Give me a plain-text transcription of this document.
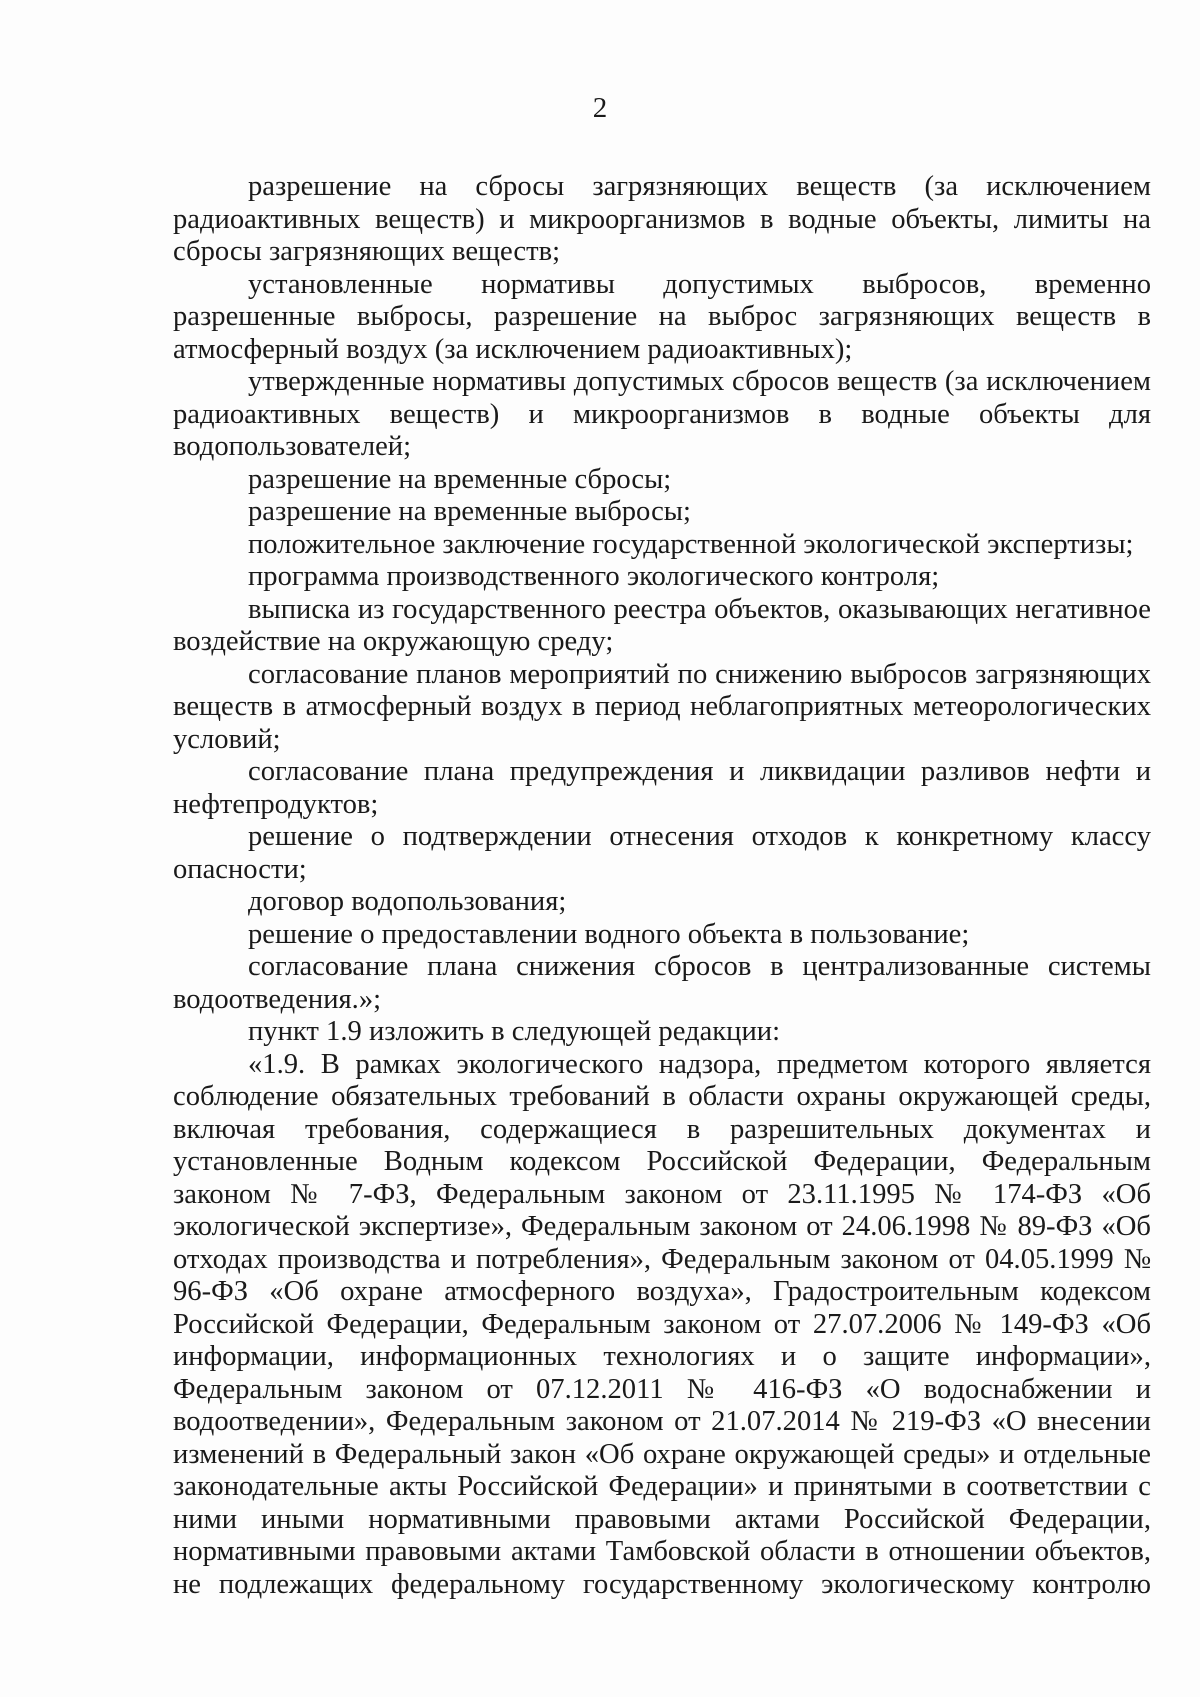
2

разрешение на сбросы загрязняющих веществ (за исключением радиоактивных веществ) и микроорганизмов в водные объекты, лимиты на сбросы загрязняющих веществ;

установленные нормативы допустимых выбросов, временно разрешенные выбросы, разрешение на выброс загрязняющих веществ в атмосферный воздух (за исключением радиоактивных);

утвержденные нормативы допустимых сбросов веществ (за исключением радиоактивных веществ) и микроорганизмов в водные объекты для водопользователей;

разрешение на временные сбросы;

разрешение на временные выбросы;

положительное заключение государственной экологической экспертизы;

программа производственного экологического контроля;

выписка из государственного реестра объектов, оказывающих негативное воздействие на окружающую среду;

согласование планов мероприятий по снижению выбросов загрязняющих веществ в атмосферный воздух в период неблагоприятных метеорологических условий;

согласование плана предупреждения и ликвидации разливов нефти и нефтепродуктов;

решение о подтверждении отнесения отходов к конкретному классу опасности;

договор водопользования;

решение о предоставлении водного объекта в пользование;

согласование плана снижения сбросов в централизованные системы водоотведения.»;

пункт 1.9 изложить в следующей редакции:

«1.9. В рамках экологического надзора, предметом которого является соблюдение обязательных требований в области охраны окружающей среды, включая требования, содержащиеся в разрешительных документах и установленные Водным кодексом Российской Федерации, Федеральным законом № 7-ФЗ, Федеральным законом от 23.11.1995 № 174-ФЗ «Об экологической экспертизе», Федеральным законом от 24.06.1998 № 89-ФЗ «Об отходах производства и потребления», Федеральным законом от 04.05.1999 № 96-ФЗ «Об охране атмосферного воздуха», Градостроительным кодексом Российской Федерации, Федеральным законом от 27.07.2006 № 149-ФЗ «Об информации, информационных технологиях и о защите информации», Федеральным законом от 07.12.2011 № 416-ФЗ «О водоснабжении и водоотведении», Федеральным законом от 21.07.2014 № 219-ФЗ «О внесении изменений в Федеральный закон «Об охране окружающей среды» и отдельные законодательные акты Российской Федерации» и принятыми в соответствии с ними иными нормативными правовыми актами Российской Федерации, нормативными правовыми актами Тамбовской области в отношении объектов, не подлежащих федеральному государственному экологическому контролю
